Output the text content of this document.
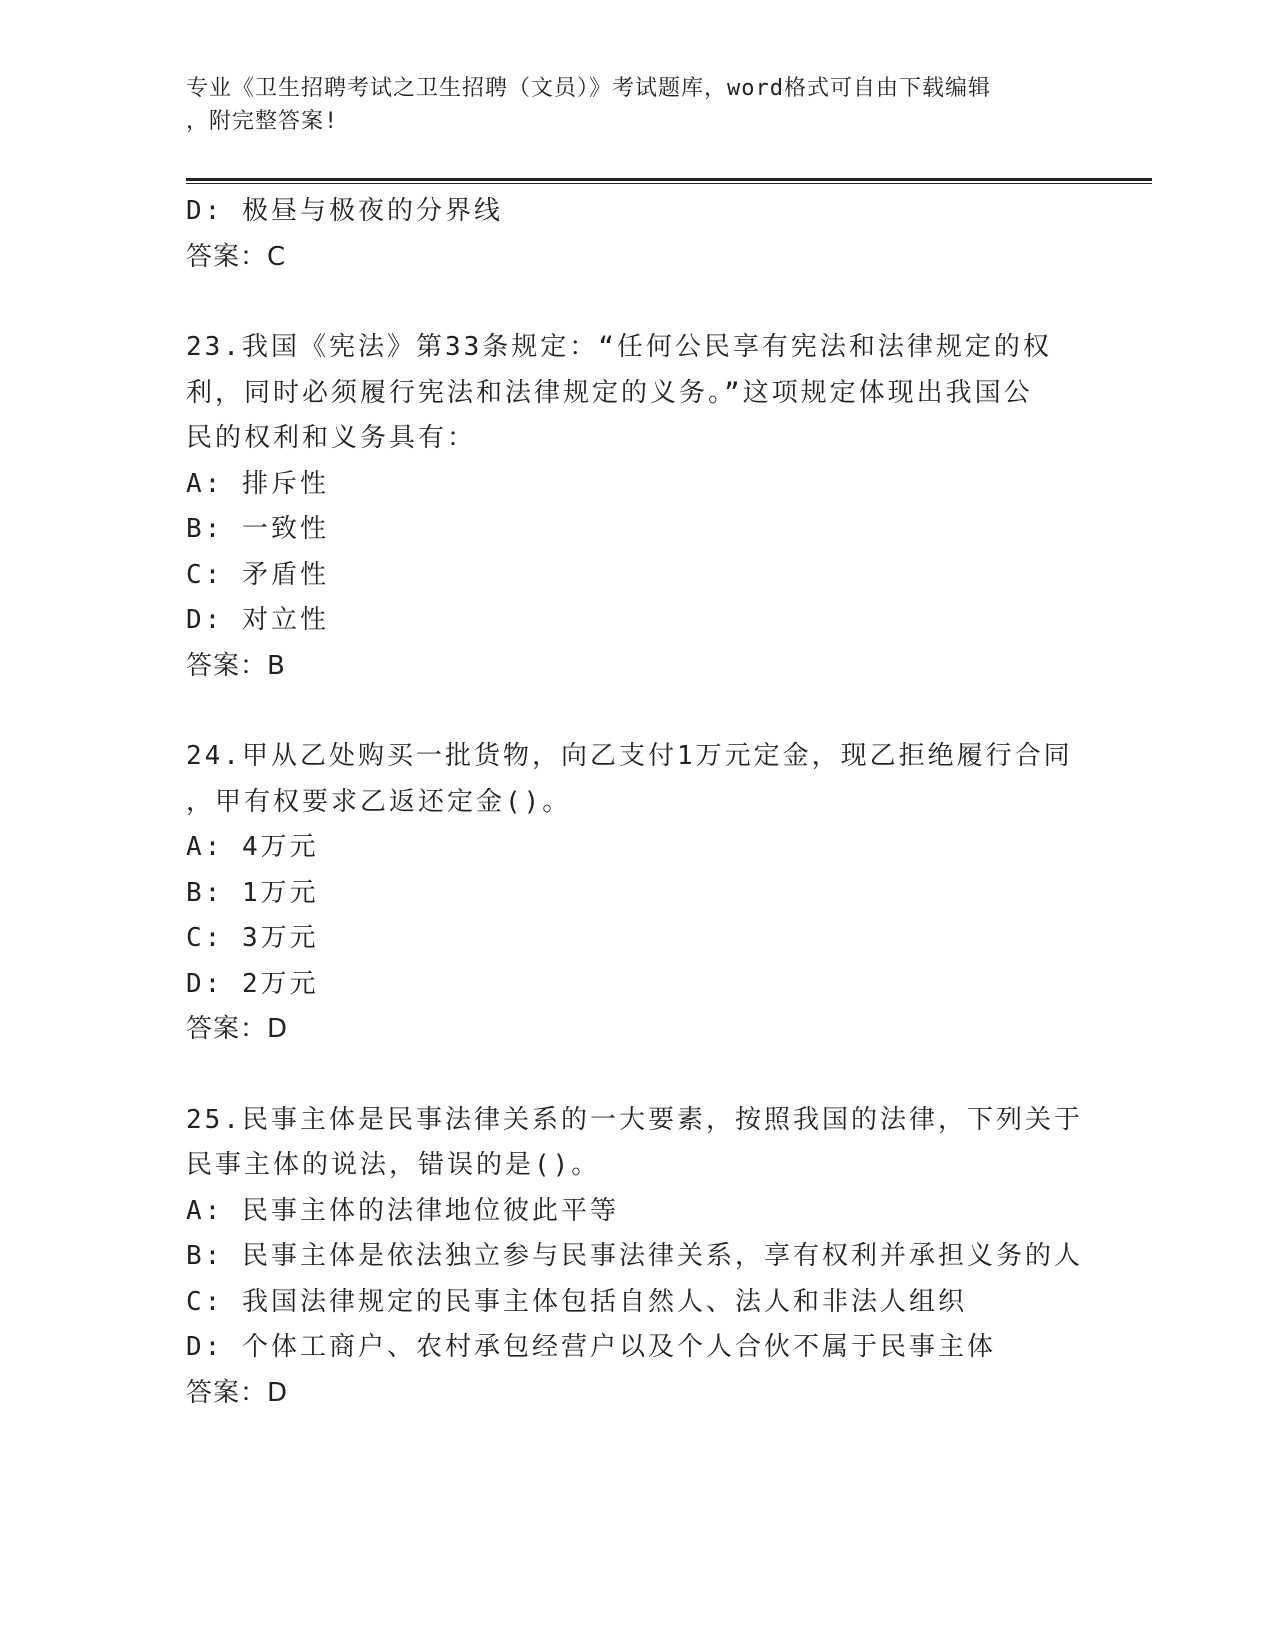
专业《卫生招聘考试之卫生招聘（文员）》考试题库，word格式可自由下载编辑
，附完整答案!
D: 极昼与极夜的分界线
答案：C
23.我国《宪法》第33条规定：“任何公民享有宪法和法律规定的权
利，同时必须履行宪法和法律规定的义务。”这项规定体现出我国公
民的权利和义务具有：
A: 排斥性
B: 一致性
C: 矛盾性
D: 对立性
答案：B
24.甲从乙处购买一批货物，向乙支付1万元定金，现乙拒绝履行合同
，甲有权要求乙返还定金()。
A: 4万元
B: 1万元
C: 3万元
D: 2万元
答案：D
25.民事主体是民事法律关系的一大要素，按照我国的法律，下列关于
民事主体的说法，错误的是()。
A: 民事主体的法律地位彼此平等
B: 民事主体是依法独立参与民事法律关系，享有权利并承担义务的人
C: 我国法律规定的民事主体包括自然人、法人和非法人组织
D: 个体工商户、农村承包经营户以及个人合伙不属于民事主体
答案：D
